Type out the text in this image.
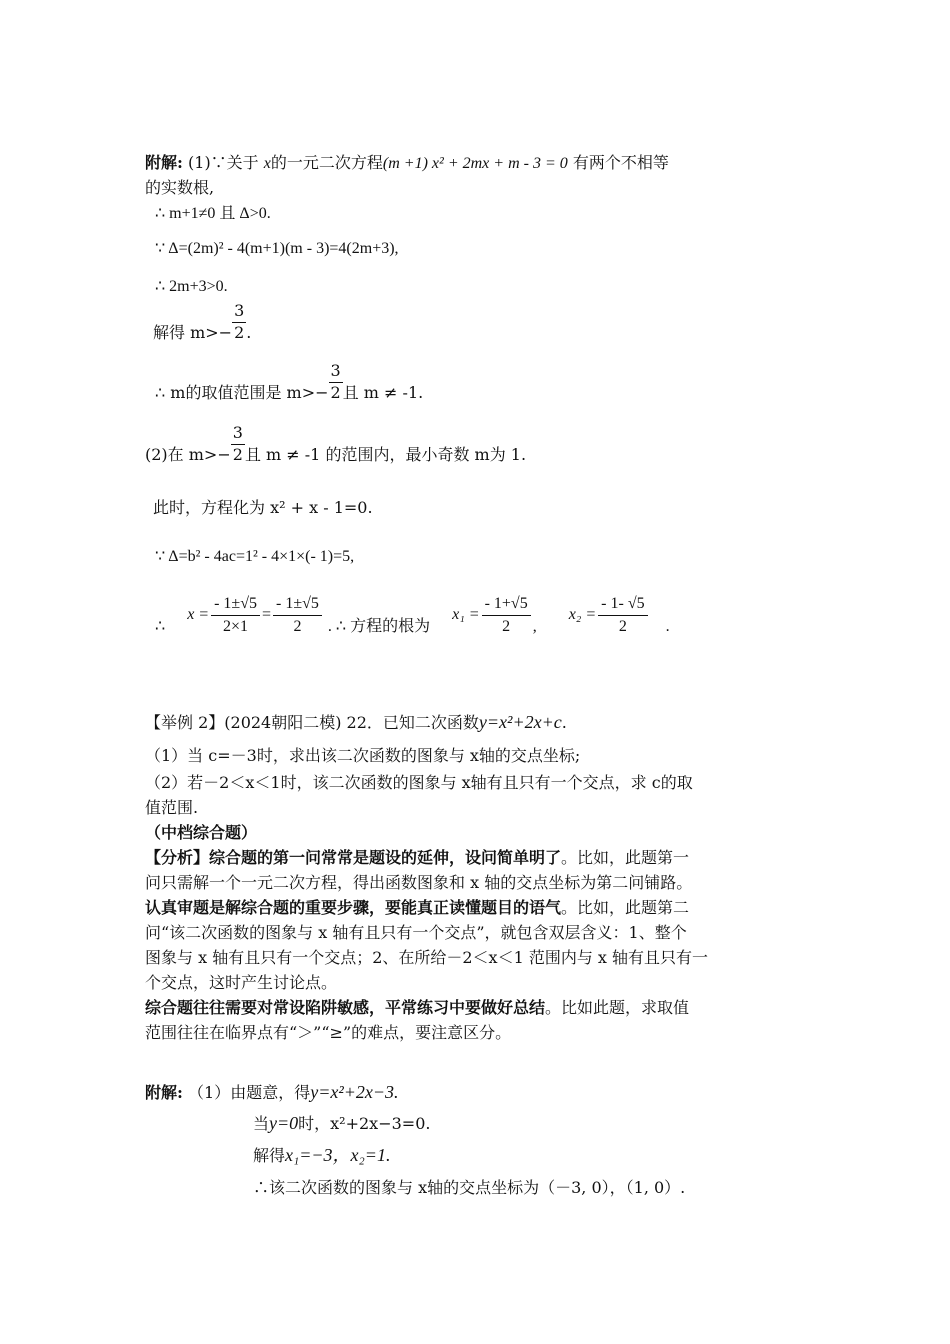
附解: (1)∵关于 x的一元二次方程(m +1) x² + 2mx + m - 3 = 0 有两个不相等
的实数根,
∴ m+1≠0 且 Δ>0.
∵ Δ=(2m)² - 4(m+1)(m - 3)=4(2m+3),
∴ 2m+3>0.
解得 $m>- \frac{3}{2}$ .
∴ m的取值范围是 $m>- \frac{3}{2}$ 且 m ≠ -1.
(2)在 $m>- \frac{3}{2}$ 且 m ≠ -1 的范围内，最小奇数 m为 1.
此时，方程化为 x² + x - 1=0.
∵ Δ=b² - 4ac=1² - 4×1×(- 1)=5,
∴  $x = \frac{- 1\pm√5}{2\times 1} = \frac{- 1\pm√5}{2}$ . ∴ 方程的根为  $x_1 = \frac{- 1+√5}{2}$ ,  $x_2 = \frac{- 1- √5}{2}$ .
【举例 2】(2024朝阳二模) 22．已知二次函数y=x²+2x+c.
（1）当 c=－3时，求出该二次函数的图象与 x轴的交点坐标;
（2）若－2＜x＜1时，该二次函数的图象与 x轴有且只有一个交点，求 c的取
值范围.
（中档综合题）
【分析】综合题的第一问常常是题设的延伸，设问简单明了。比如，此题第一
问只需解一个一元二次方程，得出函数图象和 x 轴的交点坐标为第二问铺路。
认真审题是解综合题的重要步骤，要能真正读懂题目的语气。比如，此题第二
问“该二次函数的图象与 x 轴有且只有一个交点”，就包含双层含义：1、整个
图象与 x 轴有且只有一个交点；2、在所给－2＜x＜1 范围内与 x 轴有且只有一
个交点，这时产生讨论点。
综合题往往需要对常设陷阱敏感，平常练习中要做好总结。比如此题，求取值
范围往往在临界点有“＞”“≥”的难点，要注意区分。
附解: （1）由题意，得y=x²+2x−3.
当y=0时，x²+2x−3=0.
解得x₁=−3，x₂=1.
∴该二次函数的图象与 x轴的交点坐标为（－3, 0），（1, 0）.
